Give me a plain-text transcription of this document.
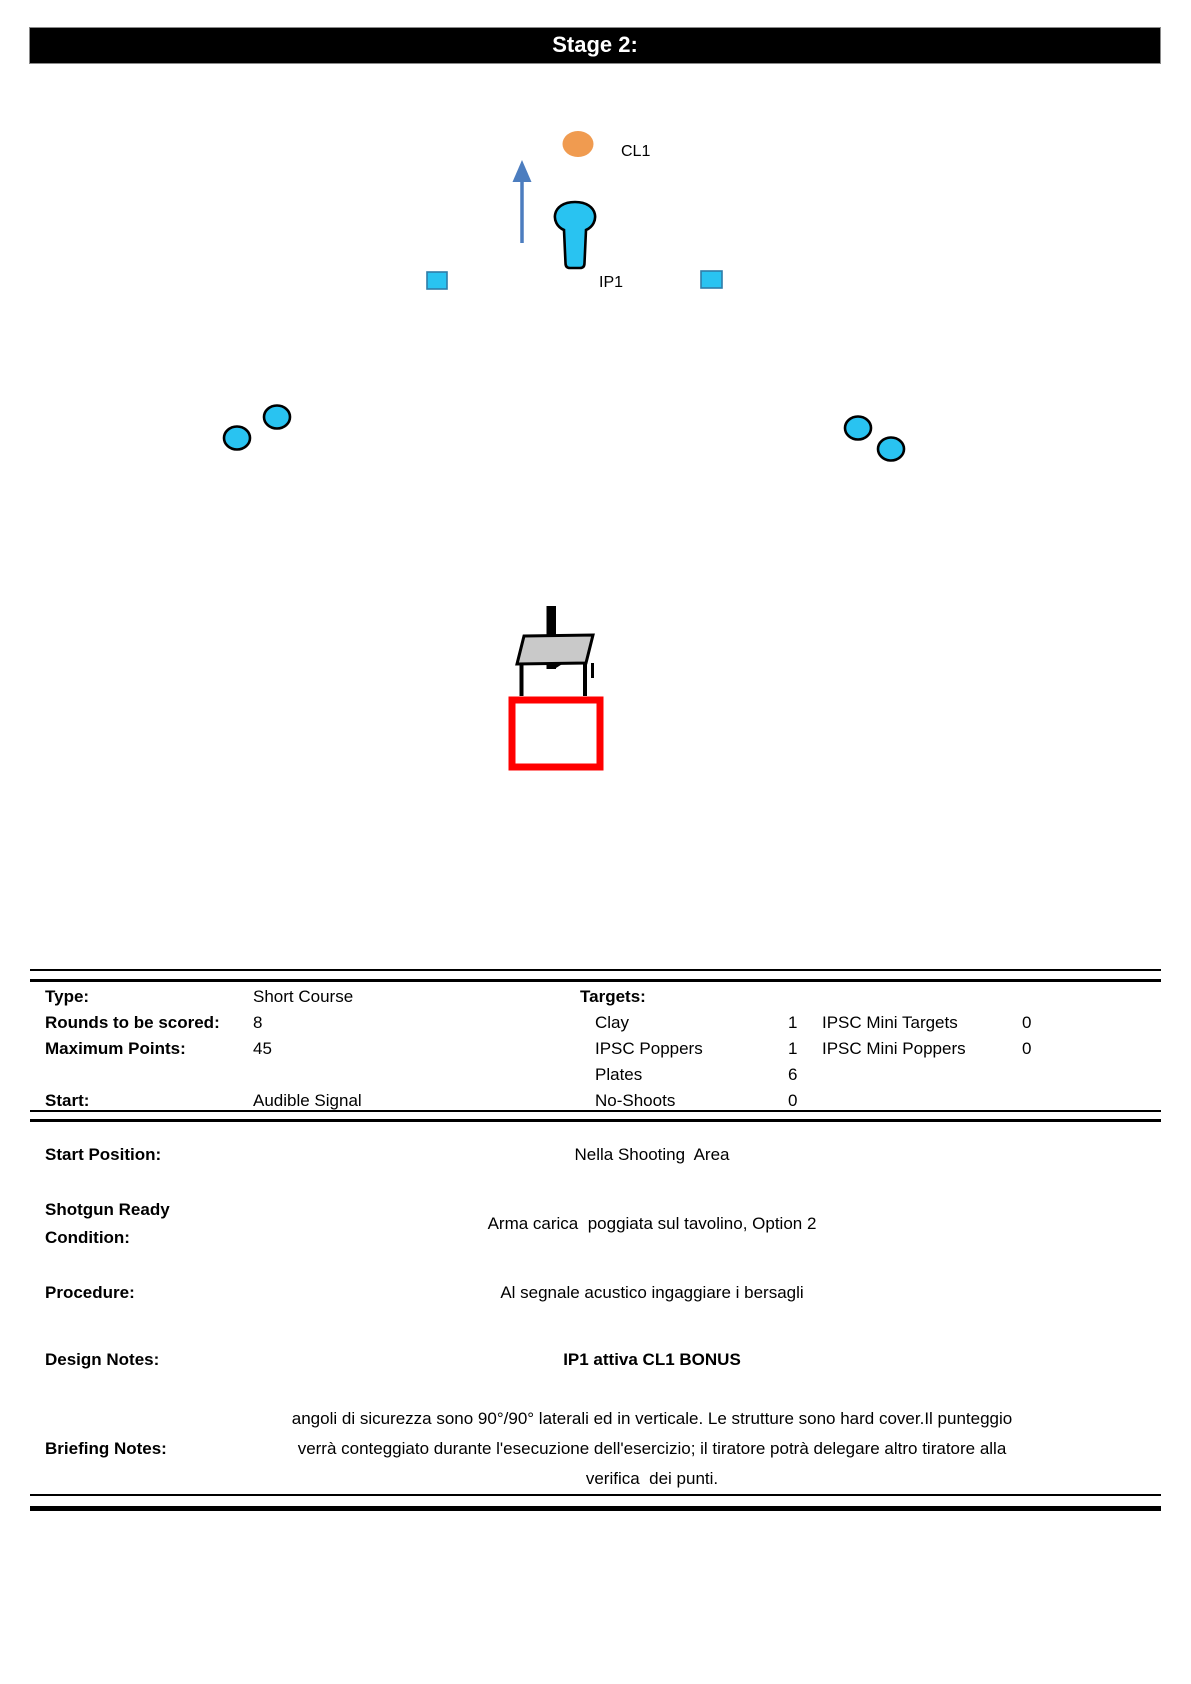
Stage 2:
CL1
IP1
Type:	Short Course	Targets:
Rounds to be scored:	8	Clay	1	IPSC Mini Targets	0
Maximum Points:	45	IPSC Poppers	1	IPSC Mini Poppers	0
Plates	6
Start:	Audible Signal	No-Shoots	0
Start Position:	Nella Shooting  Area
Shotgun Ready Condition:
Arma carica  poggiata sul tavolino, Option 2
Procedure:	Al segnale acustico ingaggiare i bersagli
Design Notes:	IP1 attiva CL1 BONUS
Briefing Notes:
angoli di sicurezza sono 90°/90° laterali ed in verticale. Le strutture sono hard cover.Il punteggio verrà conteggiato durante l'esecuzione dell'esercizio; il tiratore potrà delegare altro tiratore alla verifica  dei punti.
